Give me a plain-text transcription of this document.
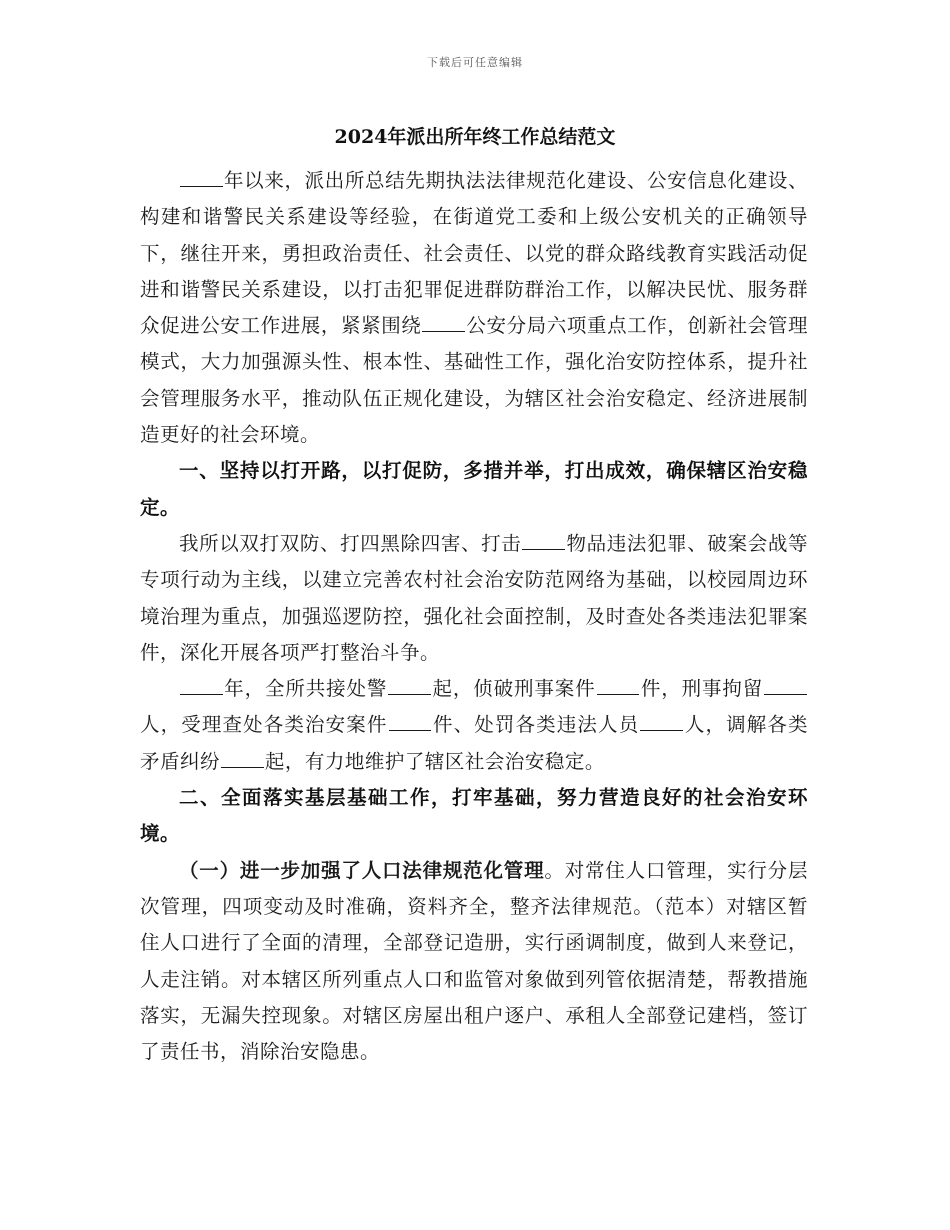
下载后可任意编辑
2024年派出所年终工作总结范文

年以来，派出所总结先期执法法律规范化建设、公安信息化建设、构建和谐警民关系建设等经验，在街道党工委和上级公安机关的正确领导下，继往开来，勇担政治责任、社会责任、以党的群众路线教育实践活动促进和谐警民关系建设，以打击犯罪促进群防群治工作，以解决民忧、服务群众促进公安工作进展，紧紧围绕 公安分局六项重点工作，创新社会管理模式，大力加强源头性、根本性、基础性工作，强化治安防控体系，提升社会管理服务水平，推动队伍正规化建设，为辖区社会治安稳定、经济进展制造更好的社会环境。

一、坚持以打开路，以打促防，多措并举，打出成效，确保辖区治安稳定。

我所以双打双防、打四黑除四害、打击 物品违法犯罪、破案会战等专项行动为主线，以建立完善农村社会治安防范网络为基础，以校园周边环境治理为重点，加强巡逻防控，强化社会面控制，及时查处各类违法犯罪案件，深化开展各项严打整治斗争。

年，全所共接处警 起，侦破刑事案件 件，刑事拘留人，受理查处各类治安案件 件、处罚各类违法人员 人，调解各类矛盾纠纷 起，有力地维护了辖区社会治安稳定。

二、全面落实基层基础工作，打牢基础，努力营造良好的社会治安环境。

（一）进一步加强了人口法律规范化管理。对常住人口管理，实行分层次管理，四项变动及时准确，资料齐全，整齐法律规范。（范本）对辖区暂住人口进行了全面的清理，全部登记造册，实行函调制度，做到人来登记，人走注销。对本辖区所列重点人口和监管对象做到列管依据清楚，帮教措施落实，无漏失控现象。对辖区房屋出租户逐户、承租人全部登记建档，签订了责任书，消除治安隐患。
